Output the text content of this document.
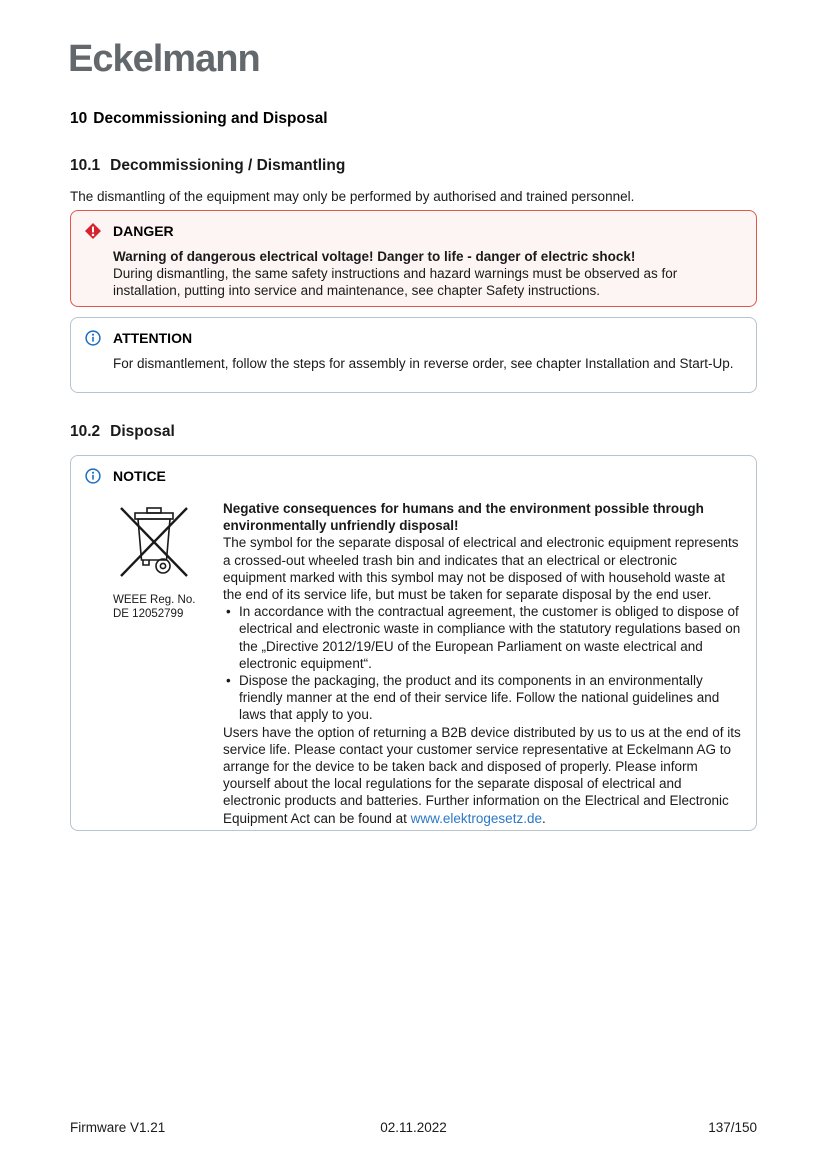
Eckelmann
10 Decommissioning and Disposal
10.1 Decommissioning / Dismantling

The dismantling of the equipment may only be performed by authorised and trained personnel.

DANGER
Warning of dangerous electrical voltage! Danger to life - danger of electric shock!
During dismantling, the same safety instructions and hazard warnings must be observed as for installation, putting into service and maintenance, see chapter Safety instructions.
ATTENTION
For dismantlement, follow the steps for assembly in reverse order, see chapter Installation and Start-Up.
10.2 Disposal
NOTICE
WEEE Reg. No.
DE 12052799
Negative consequences for humans and the environment possible through environmentally unfriendly disposal!
The symbol for the separate disposal of electrical and electronic equipment represents a crossed-out wheeled trash bin and indicates that an electrical or electronic equipment marked with this symbol may not be disposed of with household waste at the end of its service life, but must be taken for separate disposal by the end user.
• In accordance with the contractual agreement, the customer is obliged to dispose of electrical and electronic waste in compliance with the statutory regulations based on the „Directive 2012/19/EU of the European Parliament on waste electrical and electronic equipment“.
• Dispose the packaging, the product and its components in an environmentally friendly manner at the end of their service life. Follow the national guidelines and laws that apply to you.
Users have the option of returning a B2B device distributed by us to us at the end of its service life. Please contact your customer service representative at Eckelmann AG to arrange for the device to be taken back and disposed of properly. Please inform yourself about the local regulations for the separate disposal of electrical and electronic products and batteries. Further information on the Electrical and Electronic Equipment Act can be found at www.elektrogesetz.de.
Firmware V1.21	02.11.2022	137/150
